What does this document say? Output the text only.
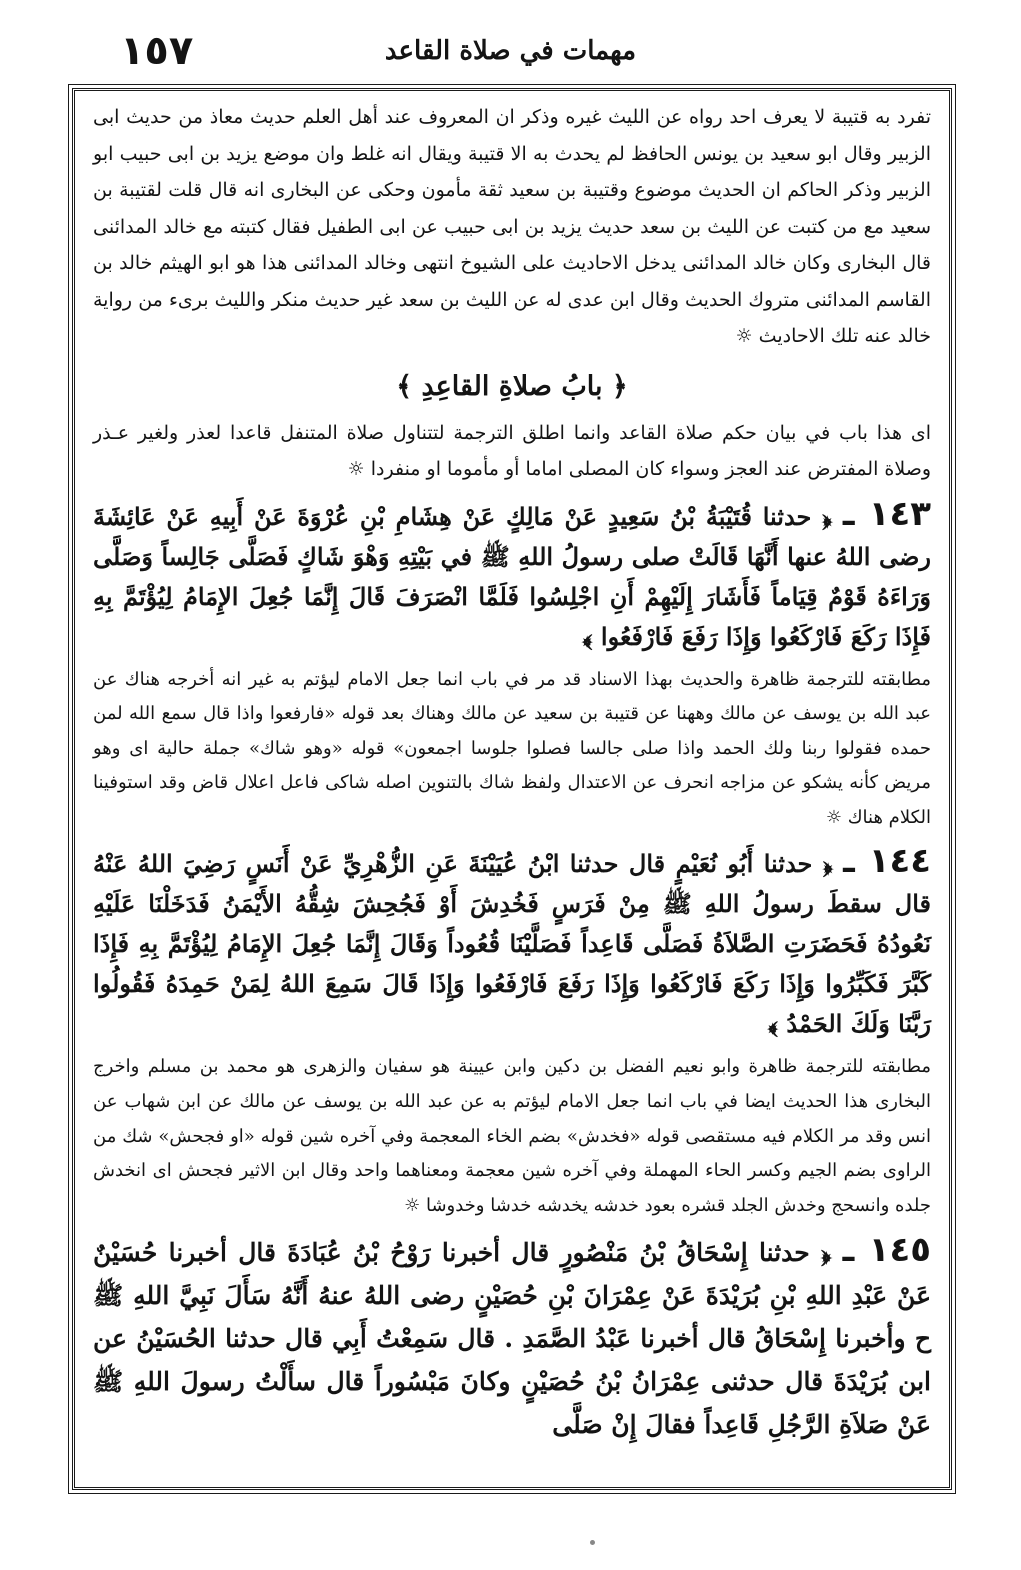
١٥٧	مهمات في صلاة القاعد

تفرد به قتيبة لا يعرف احد رواه عن الليث غيره وذكر ان المعروف عند أهل العلم حديث معاذ من حديث ابى الزبير وقال ابو سعيد بن يونس الحافظ لم يحدث به الا قتيبة ويقال انه غلط وان موضع يزيد بن ابى حبيب ابو الزبير وذكر الحاكم ان الحديث موضوع وقتيبة بن سعيد ثقة مأمون وحكى عن البخارى انه قال قلت لقتيبة بن سعيد مع من كتبت عن الليث بن سعد حديث يزيد بن ابى حبيب عن ابى الطفيل فقال كتبته مع خالد المدائنى قال البخارى وكان خالد المدائنى يدخل الاحاديث على الشيوخ انتهى وخالد المدائنى هذا هو ابو الهيثم خالد بن القاسم المدائنى متروك الحديث وقال ابن عدى له عن الليث بن سعد غير حديث منكر والليث برىء من رواية خالد عنه تلك الاحاديث ☼

﴿ بابُ صلاةِ القاعِدِ ﴾

اى هذا باب في بيان حكم صلاة القاعد وانما اطلق الترجمة لتتناول صلاة المتنفل قاعدا لعذر ولغير عـذر وصلاة المفترض عند العجز وسواء كان المصلى اماما أو مأموما او منفردا ☼

١٤٣ ـ ﴿ حدثنا قُتَيْبَةُ بْنُ سَعِيدٍ عَنْ مَالِكٍ عَنْ هِشَامِ بْنِ عُرْوَةَ عَنْ أَبِيهِ عَنْ عَائِشَةَ رضى اللهُ عنها أَنَّهَا قَالَتْ صلى رسولُ اللهِ ﷺ في بَيْتِهِ وَهْوَ شَاكٍ فَصَلَّى جَالِساً وَصَلَّى وَرَاءَهُ قَوْمٌ قِيَاماً فَأَشَارَ إِلَيْهِمْ أَنِ اجْلِسُوا فَلَمَّا انْصَرَفَ قَالَ إِنَّمَا جُعِلَ الإِمَامُ لِيُؤْتَمَّ بِهِ فَإِذَا رَكَعَ فَارْكَعُوا وَإِذَا رَفَعَ فَارْفَعُوا ﴾

مطابقته للترجمة ظاهرة والحديث بهذا الاسناد قد مر في باب انما جعل الامام ليؤتم به غير انه أخرجه هناك عن عبد الله بن يوسف عن مالك وههنا عن قتيبة بن سعيد عن مالك وهناك بعد قوله «فارفعوا واذا قال سمع الله لمن حمده فقولوا ربنا ولك الحمد واذا صلى جالسا فصلوا جلوسا اجمعون» قوله «وهو شاك» جملة حالية اى وهو مريض كأنه يشكو عن مزاجه انحرف عن الاعتدال ولفظ شاك بالتنوين اصله شاكى فاعل اعلال قاض وقد استوفينا الكلام هناك ☼

١٤٤ ـ ﴿ حدثنا أَبُو نُعَيْمٍ قال حدثنا ابْنُ عُيَيْنَةَ عَنِ الزُّهْرِيِّ عَنْ أَنَسٍ رَضِيَ اللهُ عَنْهُ قال سقطَ رسولُ اللهِ ﷺ مِنْ فَرَسٍ فَخُدِشَ أَوْ فَجُحِشَ شِقُّهُ الأَيْمَنُ فَدَخَلْنَا عَلَيْهِ نَعُودُهُ فَحَضَرَتِ الصَّلاَةُ فَصَلَّى قَاعِداً فَصَلَّيْنَا قُعُوداً وَقَالَ إِنَّمَا جُعِلَ الإِمَامُ لِيُؤْتَمَّ بِهِ فَإِذَا كَبَّرَ فَكَبِّرُوا وَإِذَا رَكَعَ فَارْكَعُوا وَإِذَا رَفَعَ فَارْفَعُوا وَإِذَا قَالَ سَمِعَ اللهُ لِمَنْ حَمِدَهُ فَقُولُوا رَبَّنَا وَلَكَ الحَمْدُ ﴾

مطابقته للترجمة ظاهرة وابو نعيم الفضل بن دكين وابن عيينة هو سفيان والزهرى هو محمد بن مسلم واخرج البخارى هذا الحديث ايضا في باب انما جعل الامام ليؤتم به عن عبد الله بن يوسف عن مالك عن ابن شهاب عن انس وقد مر الكلام فيه مستقصى قوله «فخدش» بضم الخاء المعجمة وفي آخره شين قوله «او فجحش» شك من الراوى بضم الجيم وكسر الحاء المهملة وفي آخره شين معجمة ومعناهما واحد وقال ابن الاثير فجحش اى انخدش جلده وانسحج وخدش الجلد قشره بعود خدشه يخدشه خدشا وخدوشا ☼

١٤٥ ـ ﴿ حدثنا إِسْحَاقُ بْنُ مَنْصُورٍ قال أخبرنا رَوْحُ بْنُ عُبَادَةَ قال أخبرنا حُسَيْنٌ عَنْ عَبْدِ اللهِ بْنِ بُرَيْدَةَ عَنْ عِمْرَانَ بْنِ حُصَيْنٍ رضى اللهُ عنهُ أَنَّهُ سَأَلَ نَبِيَّ اللهِ ﷺ ح وأخبرنا إِسْحَاقُ قال أخبرنا عَبْدُ الصَّمَدِ . قال سَمِعْتُ أَبِي قال حدثنا الحُسَيْنُ عن ابن بُرَيْدَةَ قال حدثنى عِمْرَانُ بْنُ حُصَيْنٍ وكانَ مَبْسُوراً قال سأَلْتُ رسولَ اللهِ ﷺ عَنْ صَلاَةِ الرَّجُلِ قَاعِداً فقالَ إِنْ صَلَّى
